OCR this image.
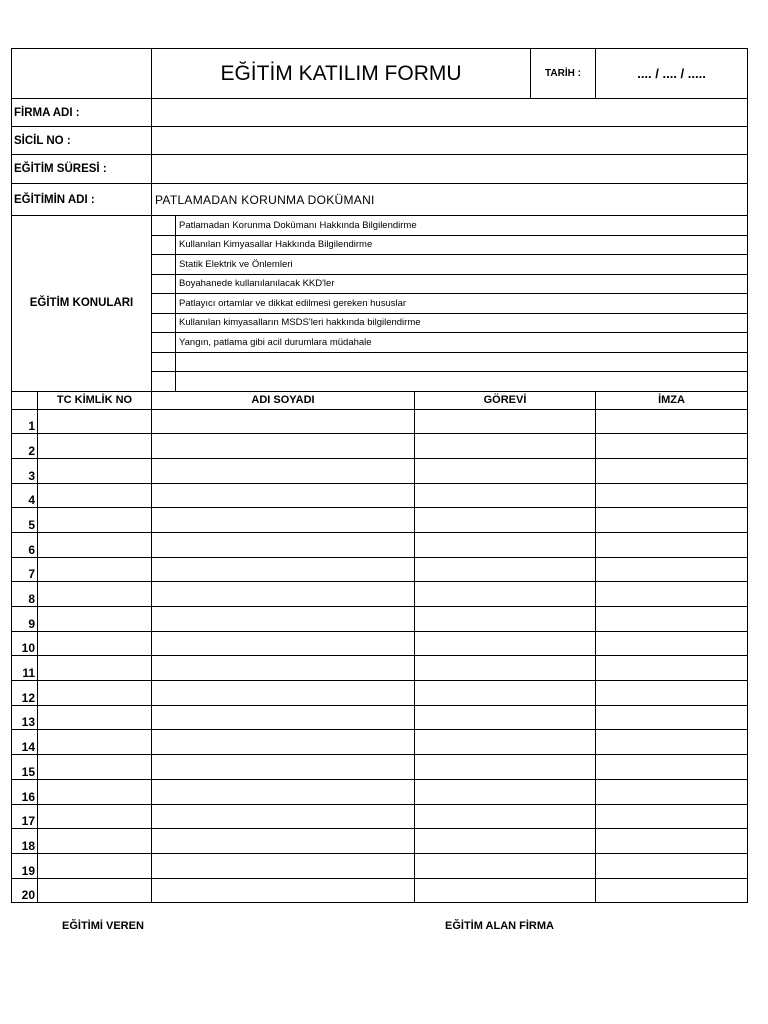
		EĞİTİM KATILIM FORMU			TARİH :	.... / .... / .....
FİRMA ADI :						
SİCİL NO :						
EĞİTİM SÜRESİ :						
EĞİTİMİN ADI :		PATLAMADAN KORUNMA DOKÜMANI				
EĞİTİM KONULARI			Patlamadan Korunma Dokümanı Hakkında Bilgilendirme			
			Kullanılan Kimyasallar Hakkında Bilgilendirme			
			Statik Elektrik ve Önlemleri			
			Boyahanede kullanılanılacak KKD'ler			
			Patlayıcı ortamlar ve dikkat edilmesi gereken hususlar			
			Kullanılan kimyasalların MSDS'leri hakkında bilgilendirme			
			Yangın, patlama gibi acil durumlara müdahale			

	TC KİMLİK NO	ADI SOYADI		GÖREVİ		İMZA
1						
2						
3						
4						
5						
6						
7						
8						
9						
10						
11						
12						
13						
14						
15						
16						
17						
18						
19						
20						
EĞİTİMİ VEREN	EĞİTİM ALAN FİRMA
